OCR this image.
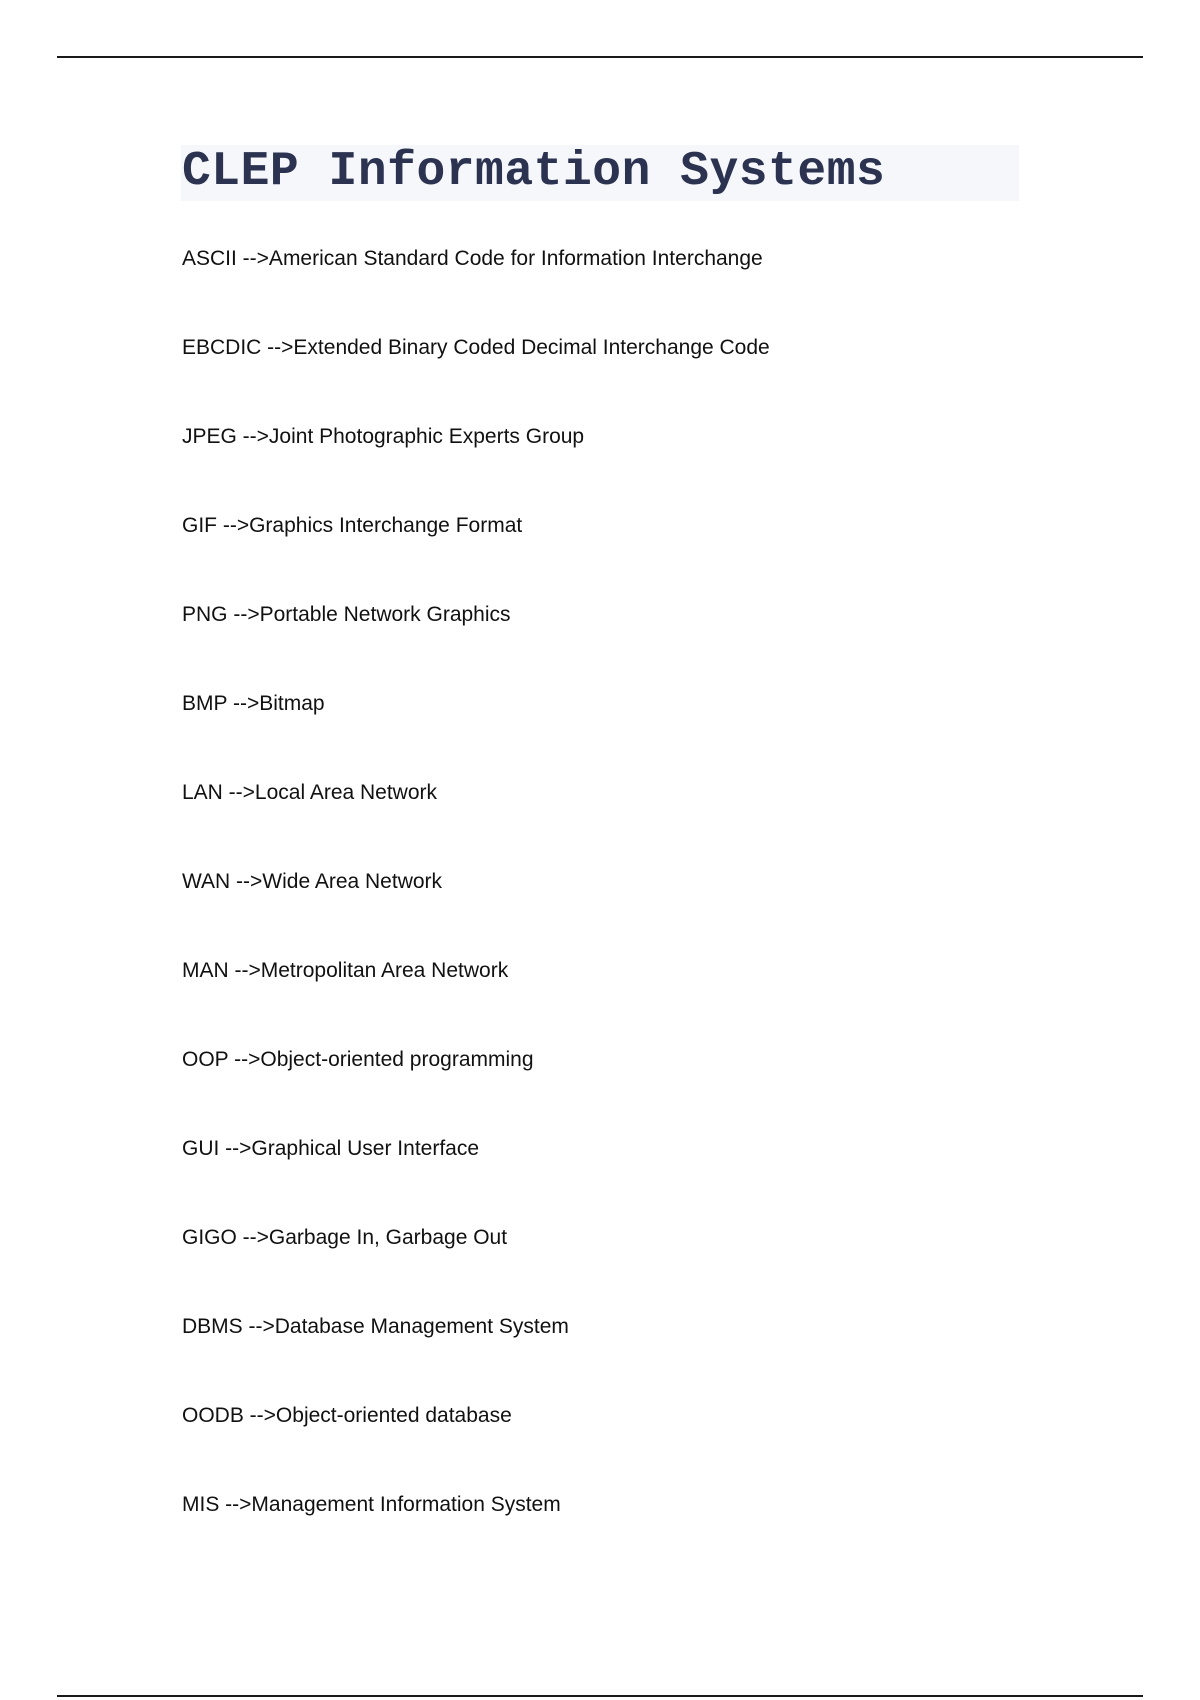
CLEP Information Systems
ASCII -->American Standard Code for Information Interchange
EBCDIC -->Extended Binary Coded Decimal Interchange Code
JPEG -->Joint Photographic Experts Group
GIF -->Graphics Interchange Format
PNG -->Portable Network Graphics
BMP -->Bitmap
LAN -->Local Area Network
WAN -->Wide Area Network
MAN -->Metropolitan Area Network
OOP -->Object-oriented programming
GUI -->Graphical User Interface
GIGO -->Garbage In, Garbage Out
DBMS -->Database Management System
OODB -->Object-oriented database
MIS -->Management Information System
